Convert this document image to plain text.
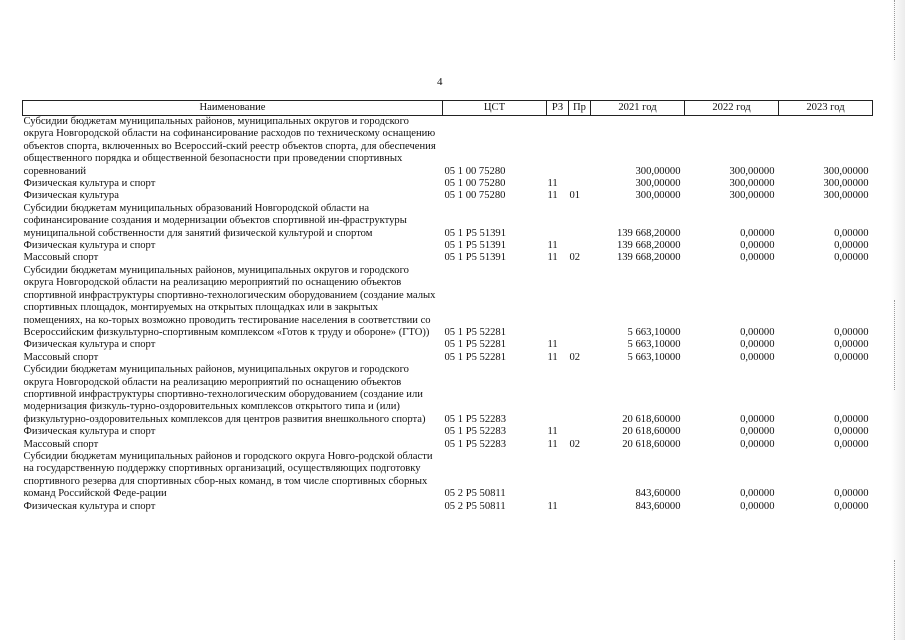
4
Наименование	ЦСТ	РЗ	Пр	2021 год	2022 год	2023 год
Субсидии бюджетам муниципальных районов, муниципальных округов и городского округа Новгородской области на софинансирование расходов по техническому оснащению объектов спорта, включенных во Всероссий-ский реестр объектов спорта, для обеспечения общественного порядка и общественной безопасности при проведении спортивных соревнований	05 1 00 75280			300,00000	300,00000	300,00000
Физическая культура и спорт	05 1 00 75280	11		300,00000	300,00000	300,00000
Физическая культура	05 1 00 75280	11	01	300,00000	300,00000	300,00000
Субсидии бюджетам муниципальных образований Новгородской области на софинансирование создания и модернизации объектов спортивной ин-фраструктуры муниципальной собственности для занятий физической культурой и спортом	05 1 P5 51391			139 668,20000	0,00000	0,00000
Физическая культура и спорт	05 1 P5 51391	11		139 668,20000	0,00000	0,00000
Массовый спорт	05 1 P5 51391	11	02	139 668,20000	0,00000	0,00000
Субсидии бюджетам муниципальных районов, муниципальных округов и городского округа Новгородской области на реализацию мероприятий по оснащению объектов спортивной инфраструктуры спортивно-технологическим оборудованием (создание малых спортивных площадок, монтируемых на открытых площадках или в закрытых помещениях, на ко-торых возможно проводить тестирование населения в соответствии со Всероссийским физкультурно-спортивным комплексом «Готов к труду и обороне» (ГТО))	05 1 P5 52281			5 663,10000	0,00000	0,00000
Физическая культура и спорт	05 1 P5 52281	11		5 663,10000	0,00000	0,00000
Массовый спорт	05 1 P5 52281	11	02	5 663,10000	0,00000	0,00000
Субсидии бюджетам муниципальных районов, муниципальных округов и городского округа Новгородской области на реализацию мероприятий по оснащению объектов спортивной инфраструктуры спортивно-технологическим оборудованием (создание или модернизация физкуль-турно-оздоровительных комплексов открытого типа и (или) физкультурно-оздоровительных комплексов для центров развития внешкольного спорта)	05 1 P5 52283			20 618,60000	0,00000	0,00000
Физическая культура и спорт	05 1 P5 52283	11		20 618,60000	0,00000	0,00000
Массовый спорт	05 1 P5 52283	11	02	20 618,60000	0,00000	0,00000
Субсидии бюджетам муниципальных районов и городского округа Новго-родской области на государственную поддержку спортивных организаций, осуществляющих подготовку спортивного резерва для спортивных сбор-ных команд, в том числе спортивных сборных команд Российской Феде-рации	05 2 P5 50811			843,60000	0,00000	0,00000
Физическая культура и спорт	05 2 P5 50811	11		843,60000	0,00000	0,00000
